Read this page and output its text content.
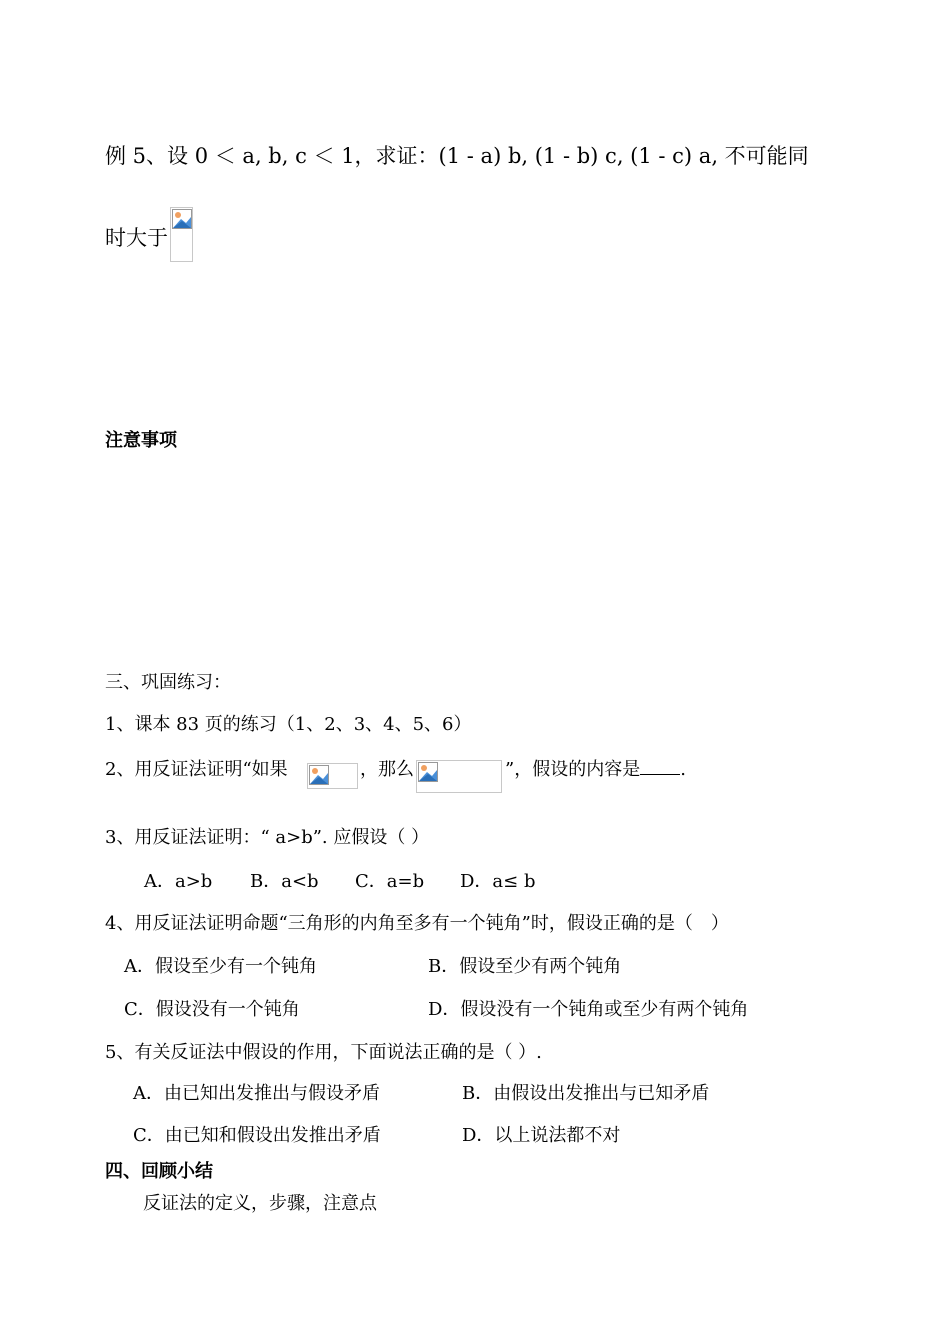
例 5、设 0 ＜ a, b, c ＜ 1，求证：(1 - a) b, (1 - b) c, (1 - c) a, 不可能同
时大于
注意事项
三、巩固练习：
1、课本 83 页的练习（1、2、3、4、5、6）
2、用反证法证明“如果	，那么	”，假设的内容是 .
3、用反证法证明：“ a>b”. 应假设（ ）
A．a>b B．a<b C．a=b D．a≤ b
4、用反证法证明命题“三角形的内角至多有一个钝角”时，假设正确的是（　）
A．假设至少有一个钝角	B．假设至少有两个钝角
C．假设没有一个钝角	D．假设没有一个钝角或至少有两个钝角
5、有关反证法中假设的作用，下面说法正确的是（ ）.
A．由已知出发推出与假设矛盾	B．由假设出发推出与已知矛盾
C．由已知和假设出发推出矛盾	D．以上说法都不对
四、回顾小结
反证法的定义，步骤，注意点
